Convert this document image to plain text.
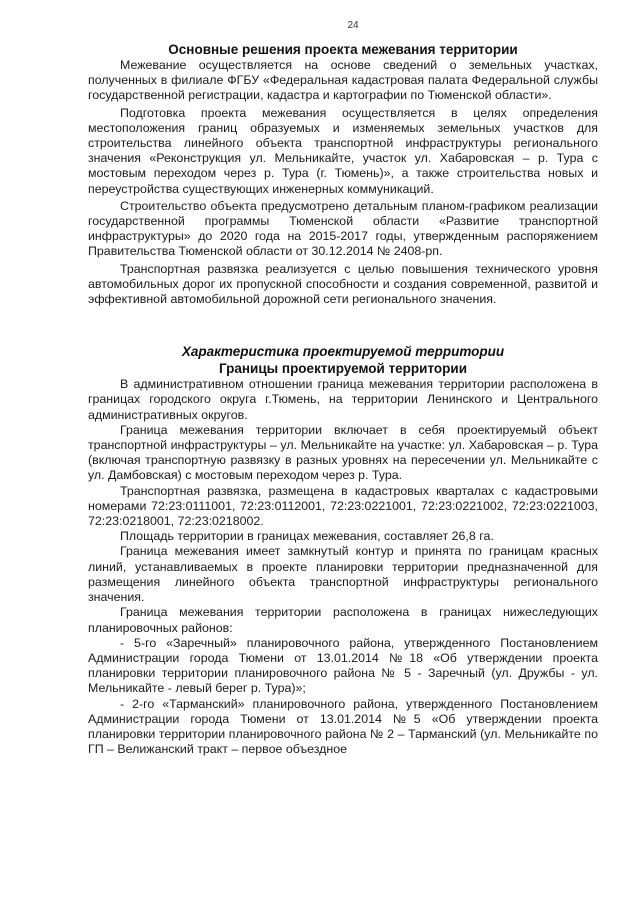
24
Основные решения проекта межевания территории

Межевание осуществляется на основе сведений о земельных участках, полученных в филиале ФГБУ «Федеральная кадастровая палата Федеральной службы государственной регистрации, кадастра и картографии по Тюменской области».

Подготовка проекта межевания осуществляется в целях определения местоположения границ образуемых и изменяемых земельных участков для строительства линейного объекта транспортной инфраструктуры регионального значения «Реконструкция ул. Мельникайте, участок ул. Хабаровская – р. Тура с мостовым переходом через р. Тура (г. Тюмень)», а также строительства новых и переустройства существующих инженерных коммуникаций.

Строительство объекта предусмотрено детальным планом-графиком реализации государственной программы Тюменской области «Развитие транспортной инфраструктуры» до 2020 года на 2015-2017 годы, утвержденным распоряжением Правительства Тюменской области от 30.12.2014 № 2408-рп.

Транспортная развязка реализуется с целью повышения технического уровня автомобильных дорог их пропускной способности и создания современной, развитой и эффективной автомобильной дорожной сети регионального значения.

Характеристика проектируемой территории
Границы проектируемой территории

В административном отношении граница межевания территории расположена в границах городского округа г.Тюмень, на территории Ленинского и Центрального административных округов.

Граница межевания территории включает в себя проектируемый объект транспортной инфраструктуры – ул. Мельникайте на участке: ул. Хабаровская – р. Тура (включая транспортную развязку в разных уровнях на пересечении ул. Мельникайте с ул. Дамбовская) с мостовым переходом через р. Тура.

Транспортная развязка, размещена в кадастровых кварталах с кадастровыми номерами 72:23:0111001, 72:23:0112001, 72:23:0221001, 72:23:0221002, 72:23:0221003, 72:23:0218001, 72:23:0218002.

Площадь территории в границах межевания, составляет 26,8 га.

Граница межевания имеет замкнутый контур и принята по границам красных линий, устанавливаемых в проекте планировки территории предназначенной для размещения линейного объекта транспортной инфраструктуры регионального значения.

Граница межевания территории расположена в границах нижеследующих планировочных районов:

- 5-го «Заречный» планировочного района, утвержденного Постановлением Администрации города Тюмени от 13.01.2014 №18 «Об утверждении проекта планировки территории планировочного района № 5 - Заречный (ул. Дружбы - ул. Мельникайте - левый берег р. Тура)»;

- 2-го «Тарманский» планировочного района, утвержденного Постановлением Администрации города Тюмени от 13.01.2014 №5 «Об утверждении проекта планировки территории планировочного района № 2 – Тарманский (ул. Мельникайте по ГП – Велижанский тракт – первое объездное
